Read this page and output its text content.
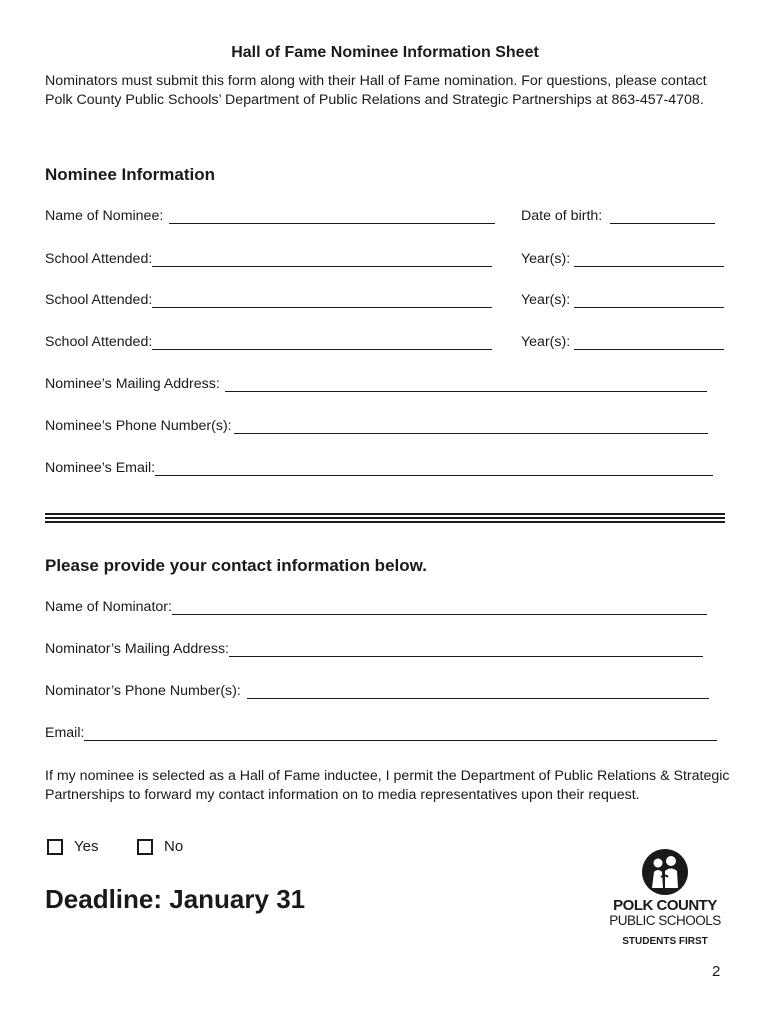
Hall of Fame Nominee Information Sheet
Nominators must submit this form along with their Hall of Fame nomination. For questions, please contact Polk County Public Schools’ Department of Public Relations and Strategic Partnerships at 863-457-4708.
Nominee Information
Name of Nominee:	Date of birth:
School Attended:	Year(s):
School Attended:	Year(s):
School Attended:	Year(s):
Nominee’s Mailing Address:
Nominee’s Phone Number(s):
Nominee’s Email:
Please provide your contact information below.
Name of Nominator:
Nominator’s Mailing Address:
Nominator’s Phone Number(s):
Email:
If my nominee is selected as a Hall of Fame inductee, I permit the Department of Public Relations & Strategic Partnerships to forward my contact information on to media representatives upon their request.
Yes	No
Deadline: January 31	POLK COUNTY
PUBLIC SCHOOLS
STUDENTS FIRST
2
